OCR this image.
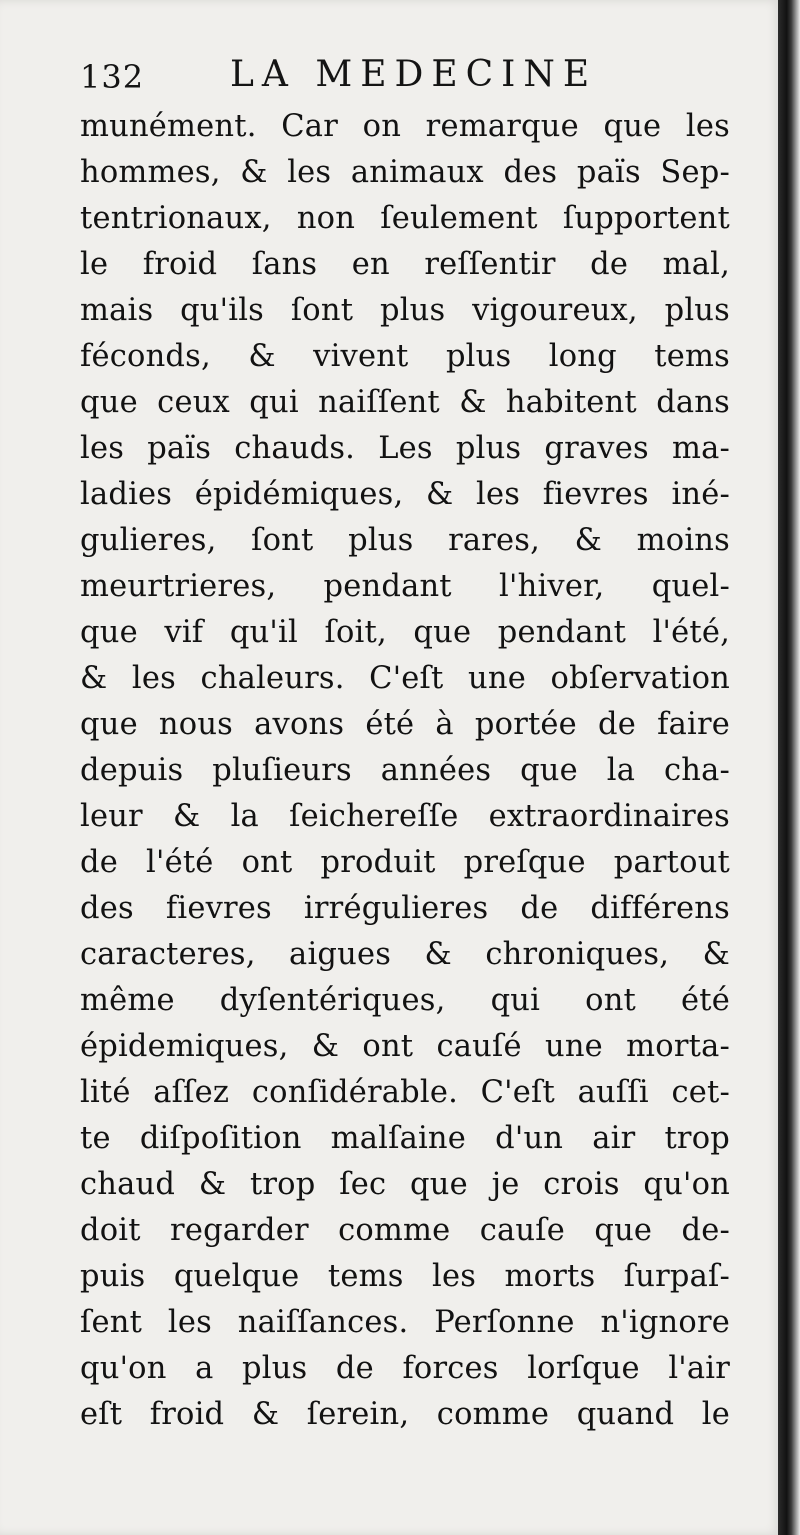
132 LA MEDECINE
munément. Car on remarque que les
hommes, & les animaux des païs Sep-
tentrionaux, non ſeulement ſupportent
le froid ſans en reſſentir de mal,
mais qu'ils ſont plus vigoureux, plus
féconds, & vivent plus long tems
que ceux qui naiſſent & habitent dans
les païs chauds. Les plus graves ma-
ladies épidémiques, & les fievres iné-
gulieres, ſont plus rares, & moins
meurtrieres, pendant l'hiver, quel-
que vif qu'il ſoit, que pendant l'été,
& les chaleurs. C'eſt une obſervation
que nous avons été à portée de faire
depuis pluſieurs années que la cha-
leur & la ſeichereſſe extraordinaires
de l'été ont produit preſque partout
des fievres irrégulieres de différens
caracteres, aigues & chroniques, &
même dyſentériques, qui ont été
épidemiques, & ont cauſé une morta-
lité aſſez conſidérable. C'eſt auſſi cet-
te diſpoſition malſaine d'un air trop
chaud & trop ſec que je crois qu'on
doit regarder comme cauſe que de-
puis quelque tems les morts ſurpaſ-
ſent les naiſſances. Perſonne n'ignore
qu'on a plus de forces lorſque l'air
eſt froid & ſerein, comme quand le
